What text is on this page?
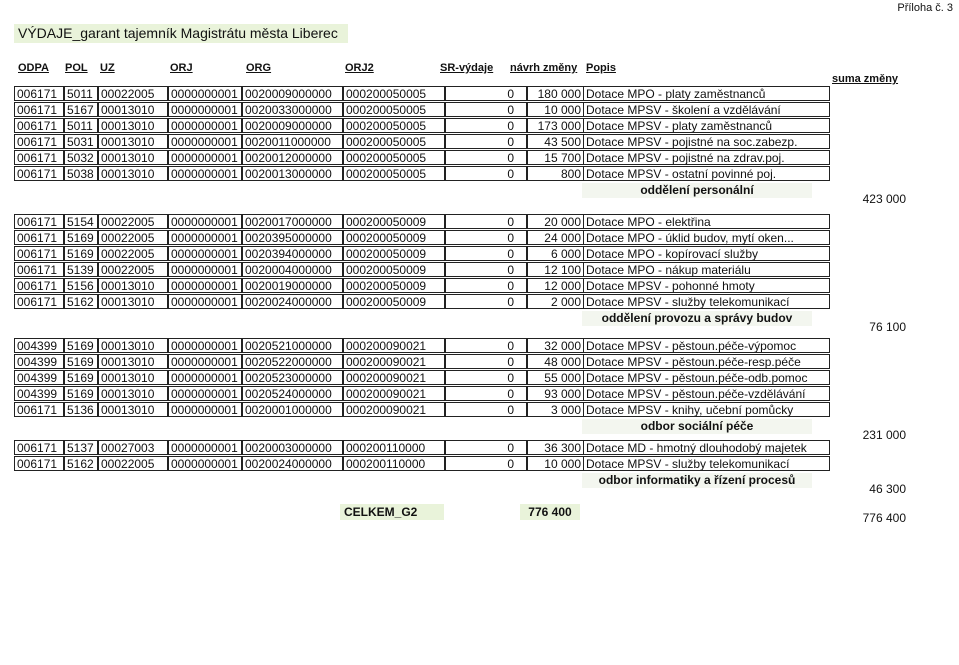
Příloha č. 3
VÝDAJE_garant tajemník Magistrátu města Liberec
ODPA POL UZ	ORJ	ORG	ORJ2	SR-výdaje návrh změny Popis
suma změny
006171 5011 00022005	0000000001 0020009000000	000200050005	0	180 000 Dotace MPO - platy zaměstnanců
006171 5167 00013010	0000000001 0020033000000	000200050005	0	10 000 Dotace MPSV - školení a vzdělávání
006171 5011 00013010	0000000001 0020009000000	000200050005	0	173 000 Dotace MPSV - platy zaměstnanců
006171 5031 00013010	0000000001 0020011000000	000200050005	0	43 500 Dotace MPSV - pojistné na soc.zabezp.
006171 5032 00013010	0000000001 0020012000000	000200050005	0	15 700 Dotace MPSV - pojistné na zdrav.poj.
006171 5038 00013010	0000000001 0020013000000	000200050005	0	800 Dotace MPSV - ostatní povinné poj.
oddělení personální
423 000
006171 5154 00022005	0000000001 0020017000000	000200050009	0	20 000 Dotace MPO - elektřina
006171 5169 00022005	0000000001 0020395000000	000200050009	0	24 000 Dotace MPO - úklid budov, mytí oken...
006171 5169 00022005	0000000001 0020394000000	000200050009	0	6 000 Dotace MPO - kopírovací služby
006171 5139 00022005	0000000001 0020004000000	000200050009	0	12 100 Dotace MPO - nákup materiálu
006171 5156 00013010	0000000001 0020019000000	000200050009	0	12 000 Dotace MPSV - pohonné hmoty
006171 5162 00013010	0000000001 0020024000000	000200050009	0	2 000 Dotace MPSV - služby telekomunikací
oddělení provozu a správy budov
76 100
004399 5169 00013010	0000000001 0020521000000	000200090021	0	32 000 Dotace MPSV - pěstoun.péče-výpomoc
004399 5169 00013010	0000000001 0020522000000	000200090021	0	48 000 Dotace MPSV - pěstoun.péče-resp.péče
004399 5169 00013010	0000000001 0020523000000	000200090021	0	55 000 Dotace MPSV - pěstoun.péče-odb.pomoc
004399 5169 00013010	0000000001 0020524000000	000200090021	0	93 000 Dotace MPSV - pěstoun.péče-vzdělávání
006171 5136 00013010	0000000001 0020001000000	000200090021	0	3 000 Dotace MPSV - knihy, učební pomůcky
odbor sociální péče
231 000
006171 5137 00027003	0000000001 0020003000000	000200110000	0	36 300 Dotace MD - hmotný dlouhodobý majetek
006171 5162 00022005	0000000001 0020024000000	000200110000	0	10 000 Dotace MPSV - služby telekomunikací
odbor informatiky a řízení procesů
46 300
CELKEM_G2	776 400	776 400
